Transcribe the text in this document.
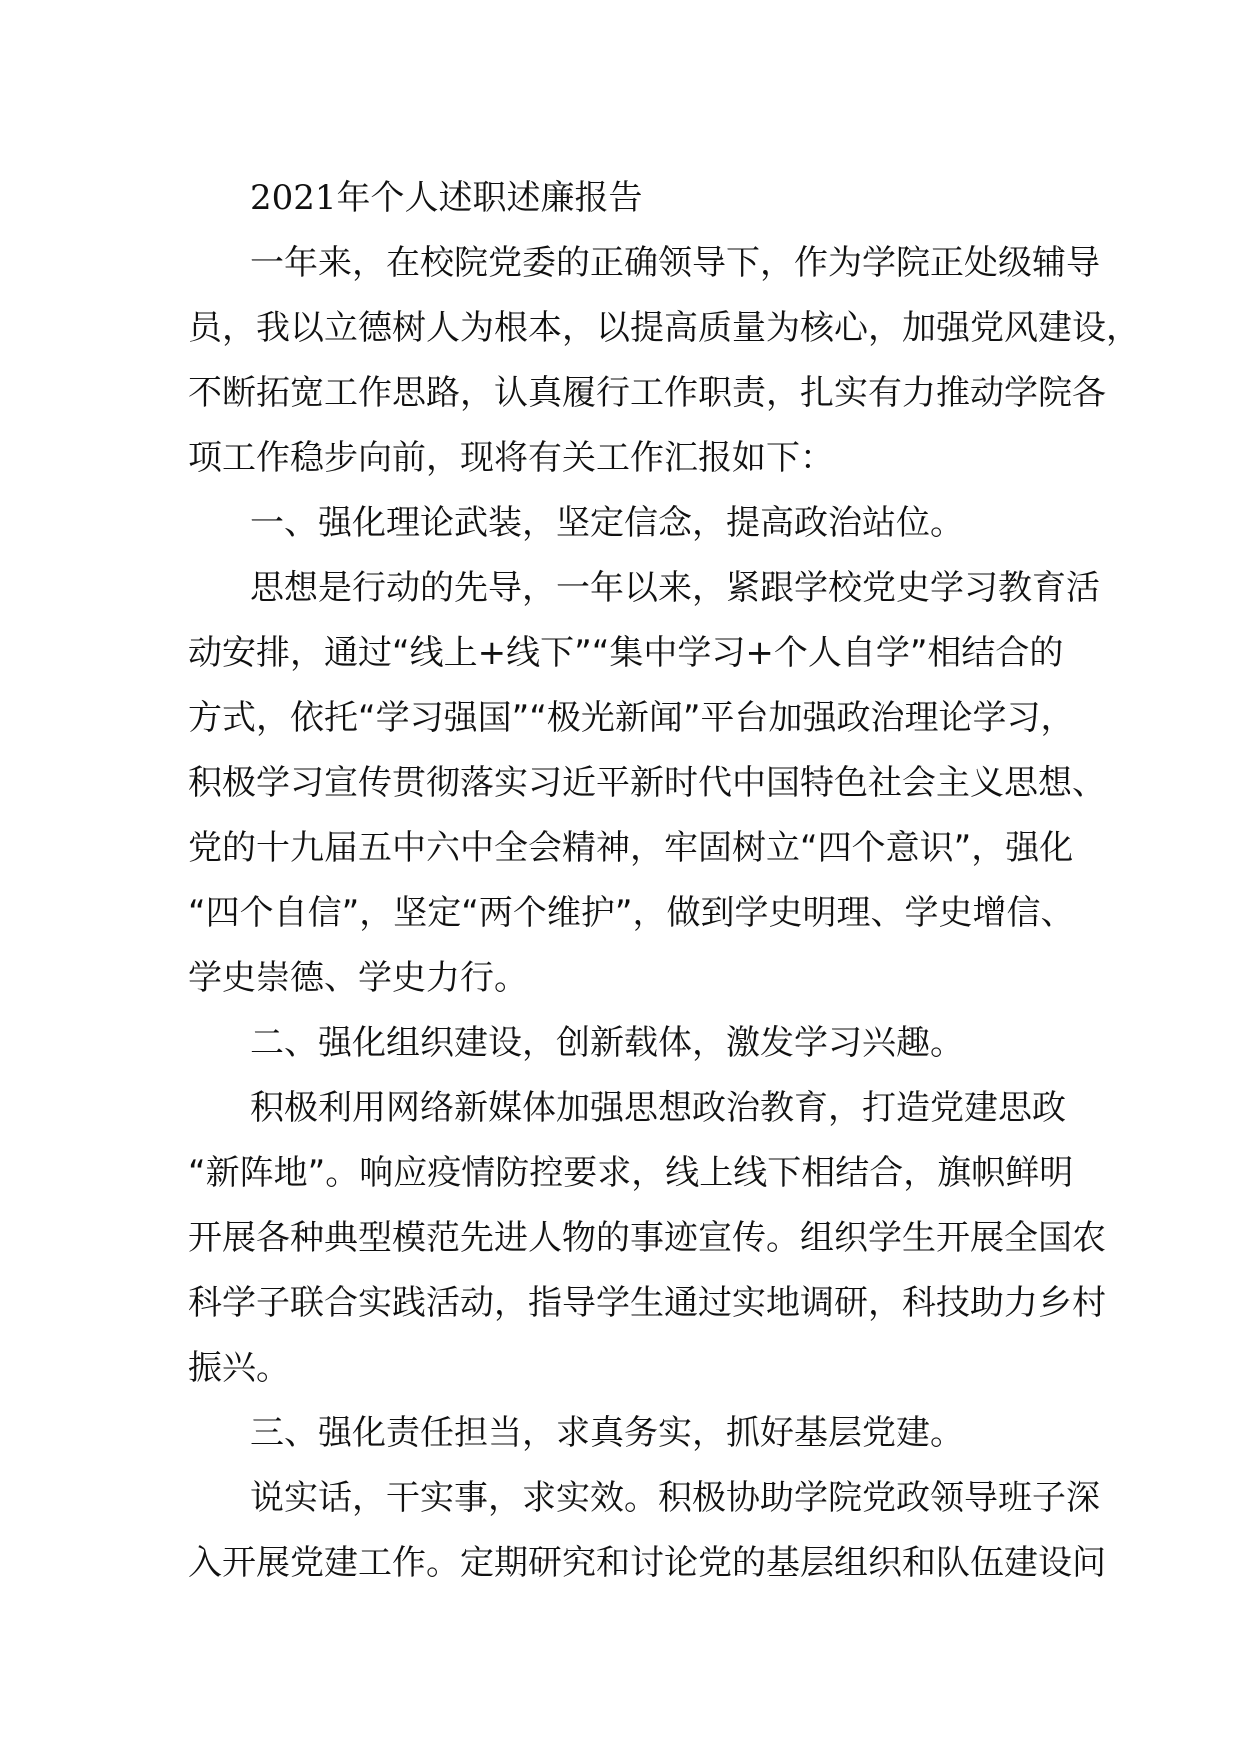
2021年个人述职述廉报告
一年来，在校院党委的正确领导下，作为学院正处级辅导
员，我以立德树人为根本，以提高质量为核心，加强党风建设，
不断拓宽工作思路，认真履行工作职责，扎实有力推动学院各
项工作稳步向前，现将有关工作汇报如下：
一、强化理论武装，坚定信念，提高政治站位。
思想是行动的先导，一年以来，紧跟学校党史学习教育活
动安排，通过“线上+线下”“集中学习+个人自学”相结合的
方式，依托“学习强国”“极光新闻”平台加强政治理论学习，
积极学习宣传贯彻落实习近平新时代中国特色社会主义思想、
党的十九届五中六中全会精神，牢固树立“四个意识”，强化
“四个自信”，坚定“两个维护”，做到学史明理、学史增信、
学史崇德、学史力行。
二、强化组织建设，创新载体，激发学习兴趣。
积极利用网络新媒体加强思想政治教育，打造党建思政
“新阵地”。响应疫情防控要求，线上线下相结合，旗帜鲜明
开展各种典型模范先进人物的事迹宣传。组织学生开展全国农
科学子联合实践活动，指导学生通过实地调研，科技助力乡村
振兴。
三、强化责任担当，求真务实，抓好基层党建。
说实话，干实事，求实效。积极协助学院党政领导班子深
入开展党建工作。定期研究和讨论党的基层组织和队伍建设问
